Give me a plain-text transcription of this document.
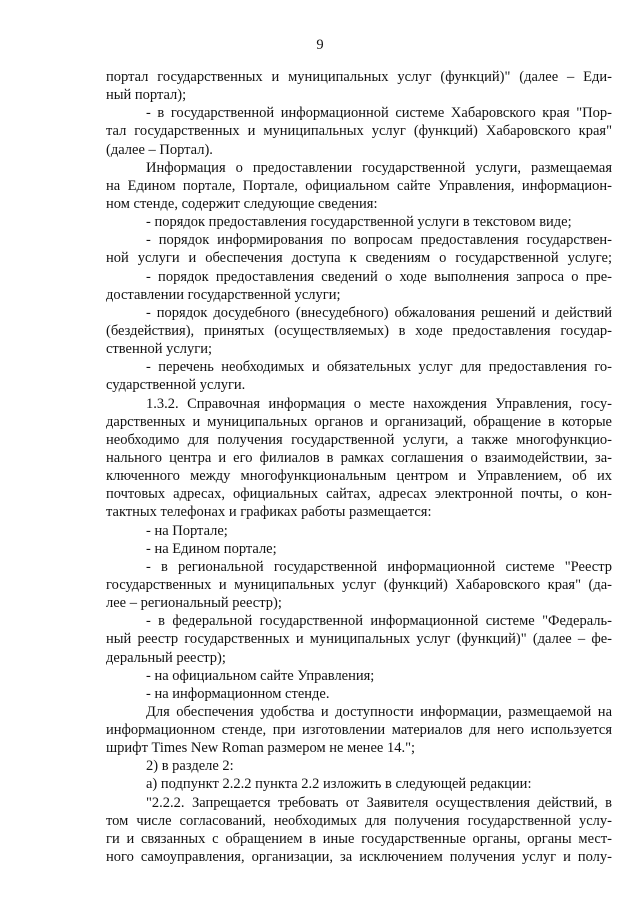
9
портал государственных и муниципальных услуг (функций)" (далее – Еди-
ный портал);
- в государственной информационной системе Хабаровского края "Пор-
тал государственных и муниципальных услуг (функций) Хабаровского края"
(далее – Портал).
Информация о предоставлении государственной услуги, размещаемая
на Едином портале, Портале, официальном сайте Управления, информацион-
ном стенде, содержит следующие сведения:
- порядок предоставления государственной услуги в текстовом виде;
- порядок информирования по вопросам предоставления государствен-
ной услуги и обеспечения доступа к сведениям о государственной услуге;
- порядок предоставления сведений о ходе выполнения запроса о пре-
доставлении государственной услуги;
- порядок досудебного (внесудебного) обжалования решений и действий
(бездействия), принятых (осуществляемых) в ходе предоставления государ-
ственной услуги;
- перечень необходимых и обязательных услуг для предоставления го-
сударственной услуги.
1.3.2. Справочная информация о месте нахождения Управления, госу-
дарственных и муниципальных органов и организаций, обращение в которые
необходимо для получения государственной услуги, а также многофункцио-
нального центра и его филиалов в рамках соглашения о взаимодействии, за-
ключенного между многофункциональным центром и Управлением, об их
почтовых адресах, официальных сайтах, адресах электронной почты, о кон-
тактных телефонах и графиках работы размещается:
- на Портале;
- на Едином портале;
- в региональной государственной информационной системе "Реестр
государственных и муниципальных услуг (функций) Хабаровского края" (да-
лее – региональный реестр);
- в федеральной государственной информационной системе "Федераль-
ный реестр государственных и муниципальных услуг (функций)" (далее – фе-
деральный реестр);
- на официальном сайте Управления;
- на информационном стенде.
Для обеспечения удобства и доступности информации, размещаемой на
информационном стенде, при изготовлении материалов для него используется
шрифт Times New Roman размером не менее 14.";
2) в разделе 2:
а) подпункт 2.2.2 пункта 2.2 изложить в следующей редакции:
"2.2.2. Запрещается требовать от Заявителя осуществления действий, в
том числе согласований, необходимых для получения государственной услу-
ги и связанных с обращением в иные государственные органы, органы мест-
ного самоуправления, организации, за исключением получения услуг и полу-
